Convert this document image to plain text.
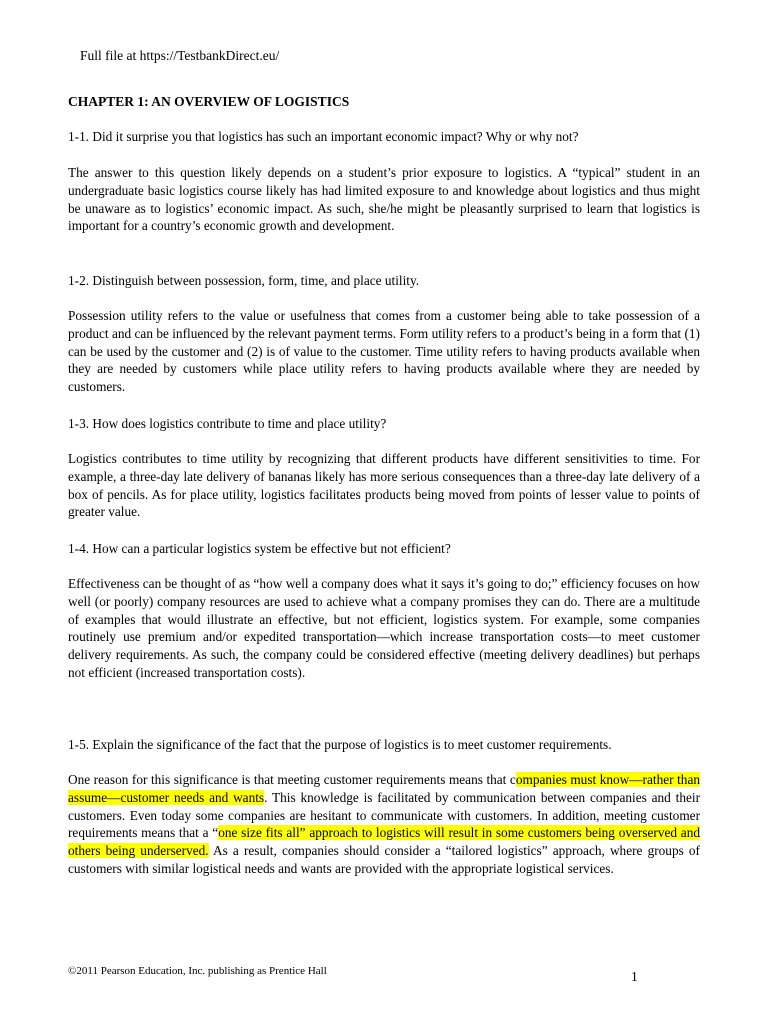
Full file at https://TestbankDirect.eu/
CHAPTER 1: AN OVERVIEW OF LOGISTICS

1-1. Did it surprise you that logistics has such an important economic impact? Why or why not?

The answer to this question likely depends on a student’s prior exposure to logistics. A “typical” student in an undergraduate basic logistics course likely has had limited exposure to and knowledge about logistics and thus might be unaware as to logistics’ economic impact. As such, she/he might be pleasantly surprised to learn that logistics is important for a country’s economic growth and development.

1-2. Distinguish between possession, form, time, and place utility.

Possession utility refers to the value or usefulness that comes from a customer being able to take possession of a product and can be influenced by the relevant payment terms. Form utility refers to a product’s being in a form that (1) can be used by the customer and (2) is of value to the customer. Time utility refers to having products available when they are needed by customers while place utility refers to having products available where they are needed by customers.

1-3. How does logistics contribute to time and place utility?

Logistics contributes to time utility by recognizing that different products have different sensitivities to time. For example, a three-day late delivery of bananas likely has more serious consequences than a three-day late delivery of a box of pencils. As for place utility, logistics facilitates products being moved from points of lesser value to points of greater value.

1-4. How can a particular logistics system be effective but not efficient?

Effectiveness can be thought of as “how well a company does what it says it’s going to do;” efficiency focuses on how well (or poorly) company resources are used to achieve what a company promises they can do. There are a multitude of examples that would illustrate an effective, but not efficient, logistics system. For example, some companies routinely use premium and/or expedited transportation—which increase transportation costs—to meet customer delivery requirements. As such, the company could be considered effective (meeting delivery deadlines) but perhaps not efficient (increased transportation costs).

1-5. Explain the significance of the fact that the purpose of logistics is to meet customer requirements.

One reason for this significance is that meeting customer requirements means that companies must know—rather than assume—customer needs and wants. This knowledge is facilitated by communication between companies and their customers. Even today some companies are hesitant to communicate with customers. In addition, meeting customer requirements means that a “one size fits all” approach to logistics will result in some customers being overserved and others being underserved. As a result, companies should consider a “tailored logistics” approach, where groups of customers with similar logistical needs and wants are provided with the appropriate logistical services.

©2011 Pearson Education, Inc. publishing as Prentice Hall	1
